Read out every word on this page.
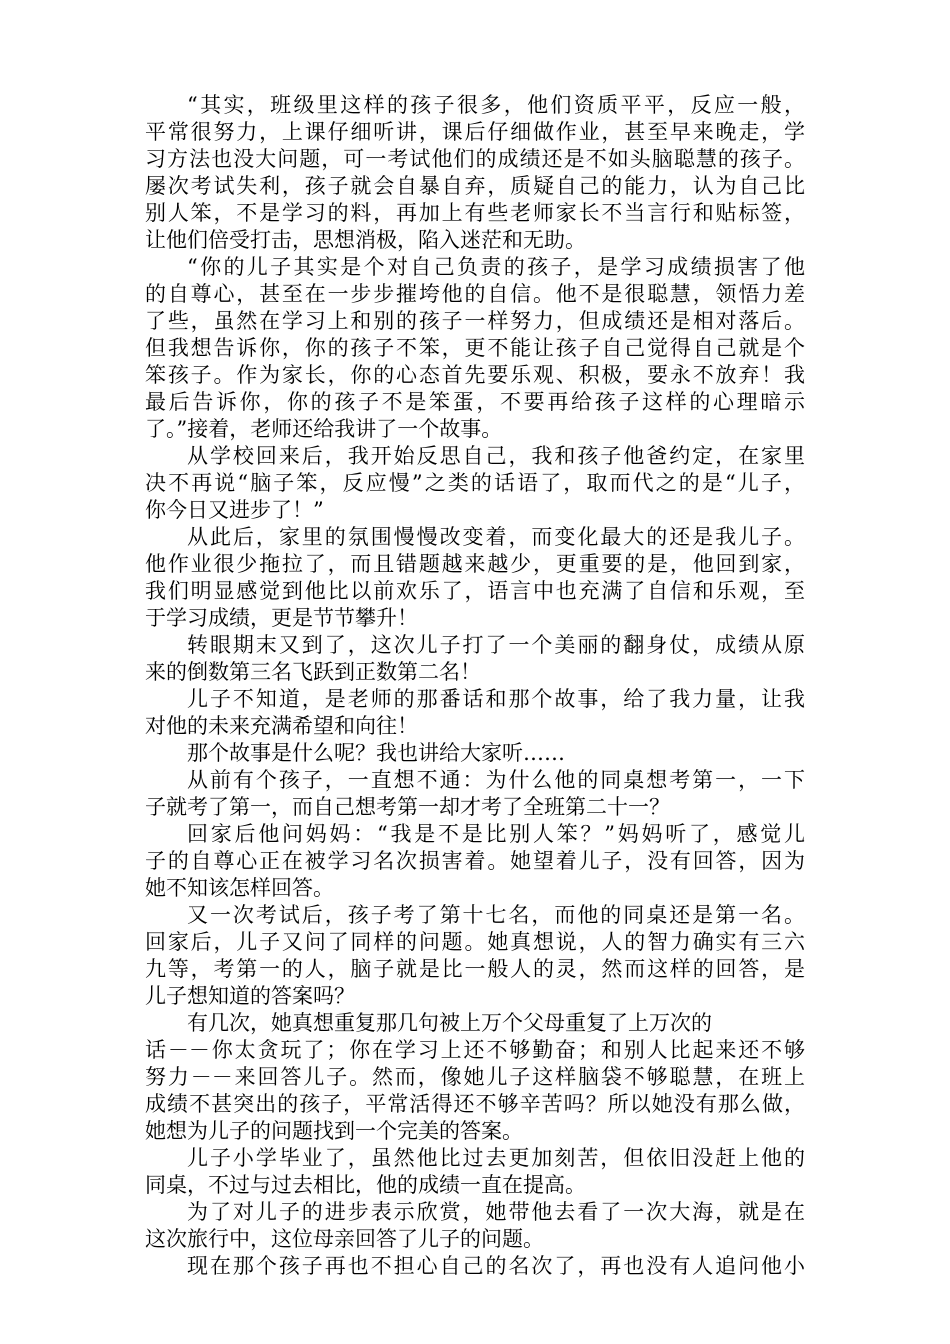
“其实，班级里这样的孩子很多，他们资质平平，反应一般，
平常很努力，上课仔细听讲，课后仔细做作业，甚至早来晚走，学
习方法也没大问题，可一考试他们的成绩还是不如头脑聪慧的孩子。
屡次考试失利，孩子就会自暴自弃，质疑自己的能力，认为自己比
别人笨，不是学习的料，再加上有些老师家长不当言行和贴标签，
让他们倍受打击，思想消极，陷入迷茫和无助。
“你的儿子其实是个对自己负责的孩子，是学习成绩损害了他
的自尊心，甚至在一步步摧垮他的自信。他不是很聪慧，领悟力差
了些，虽然在学习上和别的孩子一样努力，但成绩还是相对落后。
但我想告诉你，你的孩子不笨，更不能让孩子自己觉得自己就是个
笨孩子。作为家长，你的心态首先要乐观、积极，要永不放弃！我
最后告诉你，你的孩子不是笨蛋，不要再给孩子这样的心理暗示
了。”接着，老师还给我讲了一个故事。
从学校回来后，我开始反思自己，我和孩子他爸约定，在家里
决不再说“脑子笨，反应慢”之类的话语了，取而代之的是“儿子，
你今日又进步了！”
从此后，家里的氛围慢慢改变着，而变化最大的还是我儿子。
他作业很少拖拉了，而且错题越来越少，更重要的是，他回到家，
我们明显感觉到他比以前欢乐了，语言中也充满了自信和乐观，至
于学习成绩，更是节节攀升！
转眼期末又到了，这次儿子打了一个美丽的翻身仗，成绩从原
来的倒数第三名飞跃到正数第二名！
儿子不知道，是老师的那番话和那个故事，给了我力量，让我
对他的未来充满希望和向往！
那个故事是什么呢？我也讲给大家听……
从前有个孩子，一直想不通：为什么他的同桌想考第一，一下
子就考了第一，而自己想考第一却才考了全班第二十一？
回家后他问妈妈：“我是不是比别人笨？”妈妈听了，感觉儿
子的自尊心正在被学习名次损害着。她望着儿子，没有回答，因为
她不知该怎样回答。
又一次考试后，孩子考了第十七名，而他的同桌还是第一名。
回家后，儿子又问了同样的问题。她真想说，人的智力确实有三六
九等，考第一的人，脑子就是比一般人的灵，然而这样的回答，是
儿子想知道的答案吗？
有几次，她真想重复那几句被上万个父母重复了上万次的
话－－你太贪玩了；你在学习上还不够勤奋；和别人比起来还不够
努力－－来回答儿子。然而，像她儿子这样脑袋不够聪慧，在班上
成绩不甚突出的孩子，平常活得还不够辛苦吗？所以她没有那么做，
她想为儿子的问题找到一个完美的答案。
儿子小学毕业了，虽然他比过去更加刻苦，但依旧没赶上他的
同桌，不过与过去相比，他的成绩一直在提高。
为了对儿子的进步表示欣赏，她带他去看了一次大海，就是在
这次旅行中，这位母亲回答了儿子的问题。
现在那个孩子再也不担心自己的名次了，再也没有人追问他小
